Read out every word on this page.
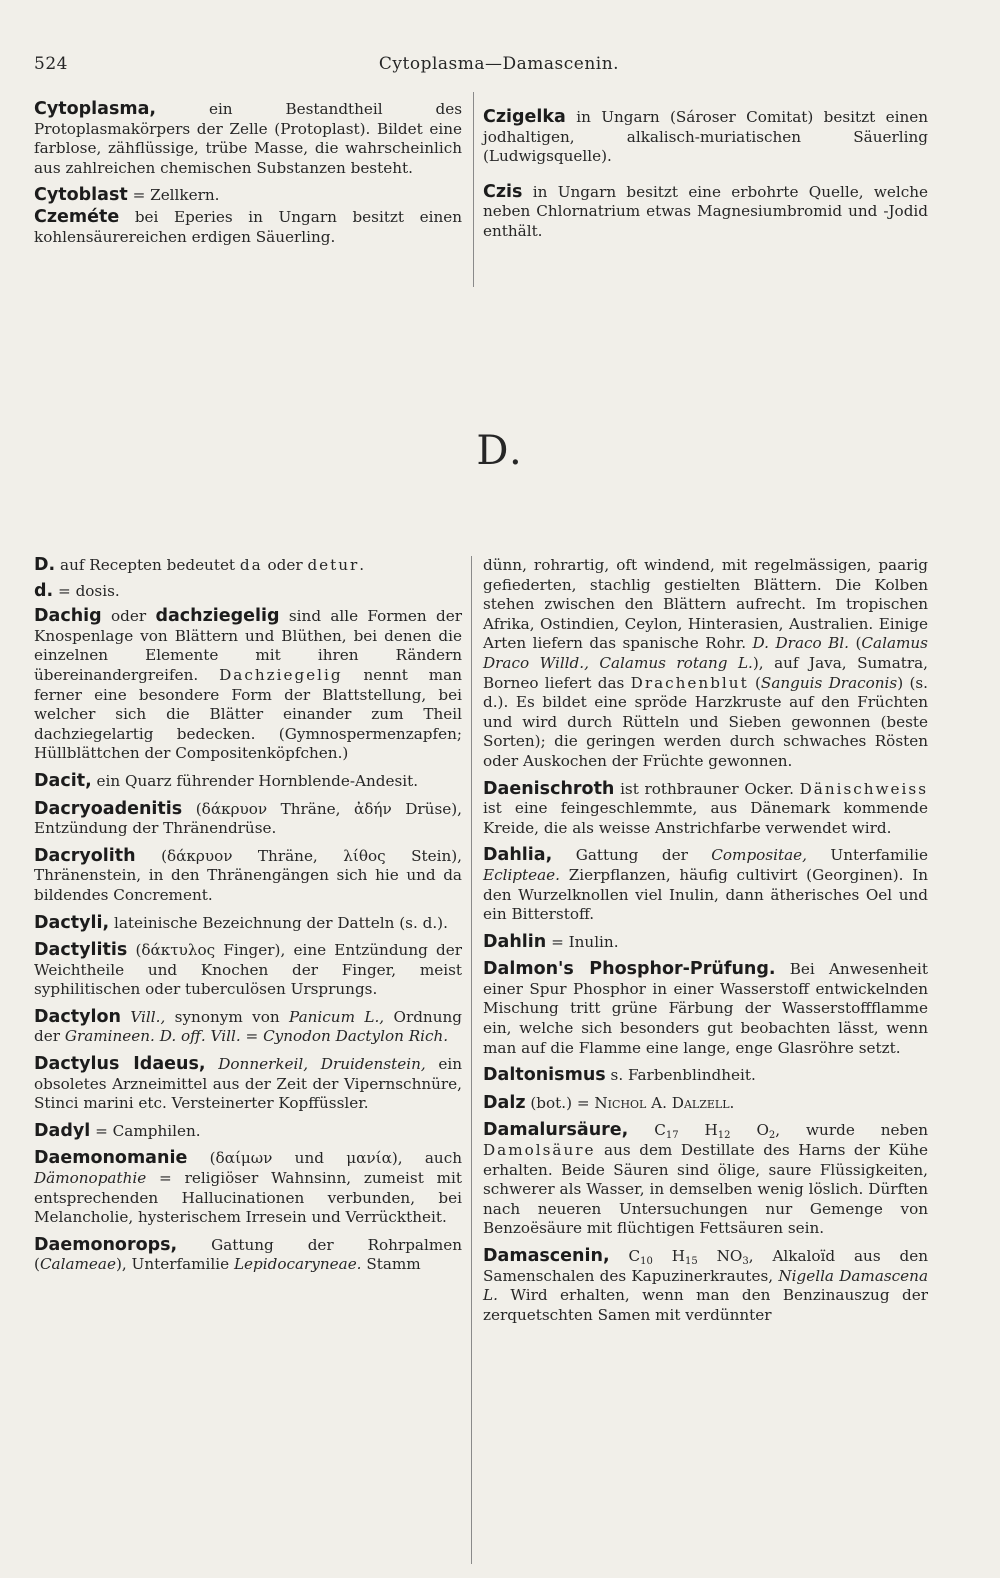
524	Cytoplasma—Damascenin.

Cytoplasma, ein Bestandtheil des Protoplasmakörpers der Zelle (Protoplast). Bildet eine farblose, zähflüssige, trübe Masse, die wahrscheinlich aus zahlreichen chemischen Substanzen besteht.

Cytoblast = Zellkern.

Czeméte bei Eperies in Ungarn besitzt einen kohlensäurereichen erdigen Säuerling.

Czigelka in Ungarn (Sároser Comitat) besitzt einen jodhaltigen, alkalisch-muriatischen Säuerling (Ludwigsquelle).

Czis in Ungarn besitzt eine erbohrte Quelle, welche neben Chlornatrium etwas Magnesiumbromid und -Jodid enthält.

D.

D. auf Recepten bedeutet da oder detur.

d. = dosis.

Dachig oder dachziegelig sind alle Formen der Knospenlage von Blättern und Blüthen, bei denen die einzelnen Elemente mit ihren Rändern übereinandergreifen. Dachziegelig nennt man ferner eine besondere Form der Blattstellung, bei welcher sich die Blätter einander zum Theil dachziegelartig bedecken. (Gymnospermenzapfen; Hüllblättchen der Compositenköpfchen.)

Dacit, ein Quarz führender Hornblende-Andesit.

Dacryoadenitis (δάκρυον Thräne, ἀδήν Drüse), Entzündung der Thränendrüse.

Dacryolith (δάκρυον Thräne, λίθος Stein), Thränenstein, in den Thränengängen sich hie und da bildendes Concrement.

Dactyli, lateinische Bezeichnung der Datteln (s. d.).

Dactylitis (δάκτυλος Finger), eine Entzündung der Weichtheile und Knochen der Finger, meist syphilitischen oder tuberculösen Ursprungs.

Dactylon Vill., synonym von Panicum L., Ordnung der Gramineen. D. off. Vill. = Cynodon Dactylon Rich.

Dactylus Idaeus, Donnerkeil, Druidenstein, ein obsoletes Arzneimittel aus der Zeit der Vipernschnüre, Stinci marini etc. Versteinerter Kopffüssler.

Dadyl = Camphilen.

Daemonomanie (δαίμων und μανία), auch Dämonopathie = religiöser Wahnsinn, zumeist mit entsprechenden Hallucinationen verbunden, bei Melancholie, hysterischem Irresein und Verrücktheit.

Daemonorops, Gattung der Rohrpalmen (Calameae), Unterfamilie Lepidocaryneae. Stamm

dünn, rohrartig, oft windend, mit regelmässigen, paarig gefiederten, stachlig gestielten Blättern. Die Kolben stehen zwischen den Blättern aufrecht. Im tropischen Afrika, Ostindien, Ceylon, Hinterasien, Australien. Einige Arten liefern das spanische Rohr. D. Draco Bl. (Calamus Draco Willd., Calamus rotang L.), auf Java, Sumatra, Borneo liefert das Drachenblut (Sanguis Draconis) (s. d.). Es bildet eine spröde Harzkruste auf den Früchten und wird durch Rütteln und Sieben gewonnen (beste Sorten); die geringen werden durch schwaches Rösten oder Auskochen der Früchte gewonnen.

Daenischroth ist rothbrauner Ocker. Dänischweiss ist eine feingeschlemmte, aus Dänemark kommende Kreide, die als weisse Anstrichfarbe verwendet wird.

Dahlia, Gattung der Compositae, Unterfamilie Eclipteae. Zierpflanzen, häufig cultivirt (Georginen). In den Wurzelknollen viel Inulin, dann ätherisches Oel und ein Bitterstoff.

Dahlin = Inulin.

Dalmon's Phosphor-Prüfung. Bei Anwesenheit einer Spur Phosphor in einer Wasserstoff entwickelnden Mischung tritt grüne Färbung der Wasserstoffflamme ein, welche sich besonders gut beobachten lässt, wenn man auf die Flamme eine lange, enge Glasröhre setzt.

Daltonismus s. Farbenblindheit.

Dalz (bot.) = Nichol A. Dalzell.

Damalursäure, $C_{17}$ $H_{12}$ $O_2$, wurde neben Damolsäure aus dem Destillate des Harns der Kühe erhalten. Beide Säuren sind ölige, saure Flüssigkeiten, schwerer als Wasser, in demselben wenig löslich. Dürften nach neueren Untersuchungen nur Gemenge von Benzoësäure mit flüchtigen Fettsäuren sein.

Damascenin, $C_{10}$ $H_{15}$ $NO_3$, Alkaloïd aus den Samenschalen des Kapuzinerkrautes, Nigella Damascena L. Wird erhalten, wenn man den Benzinauszug der zerquetschten Samen mit verdünnter
